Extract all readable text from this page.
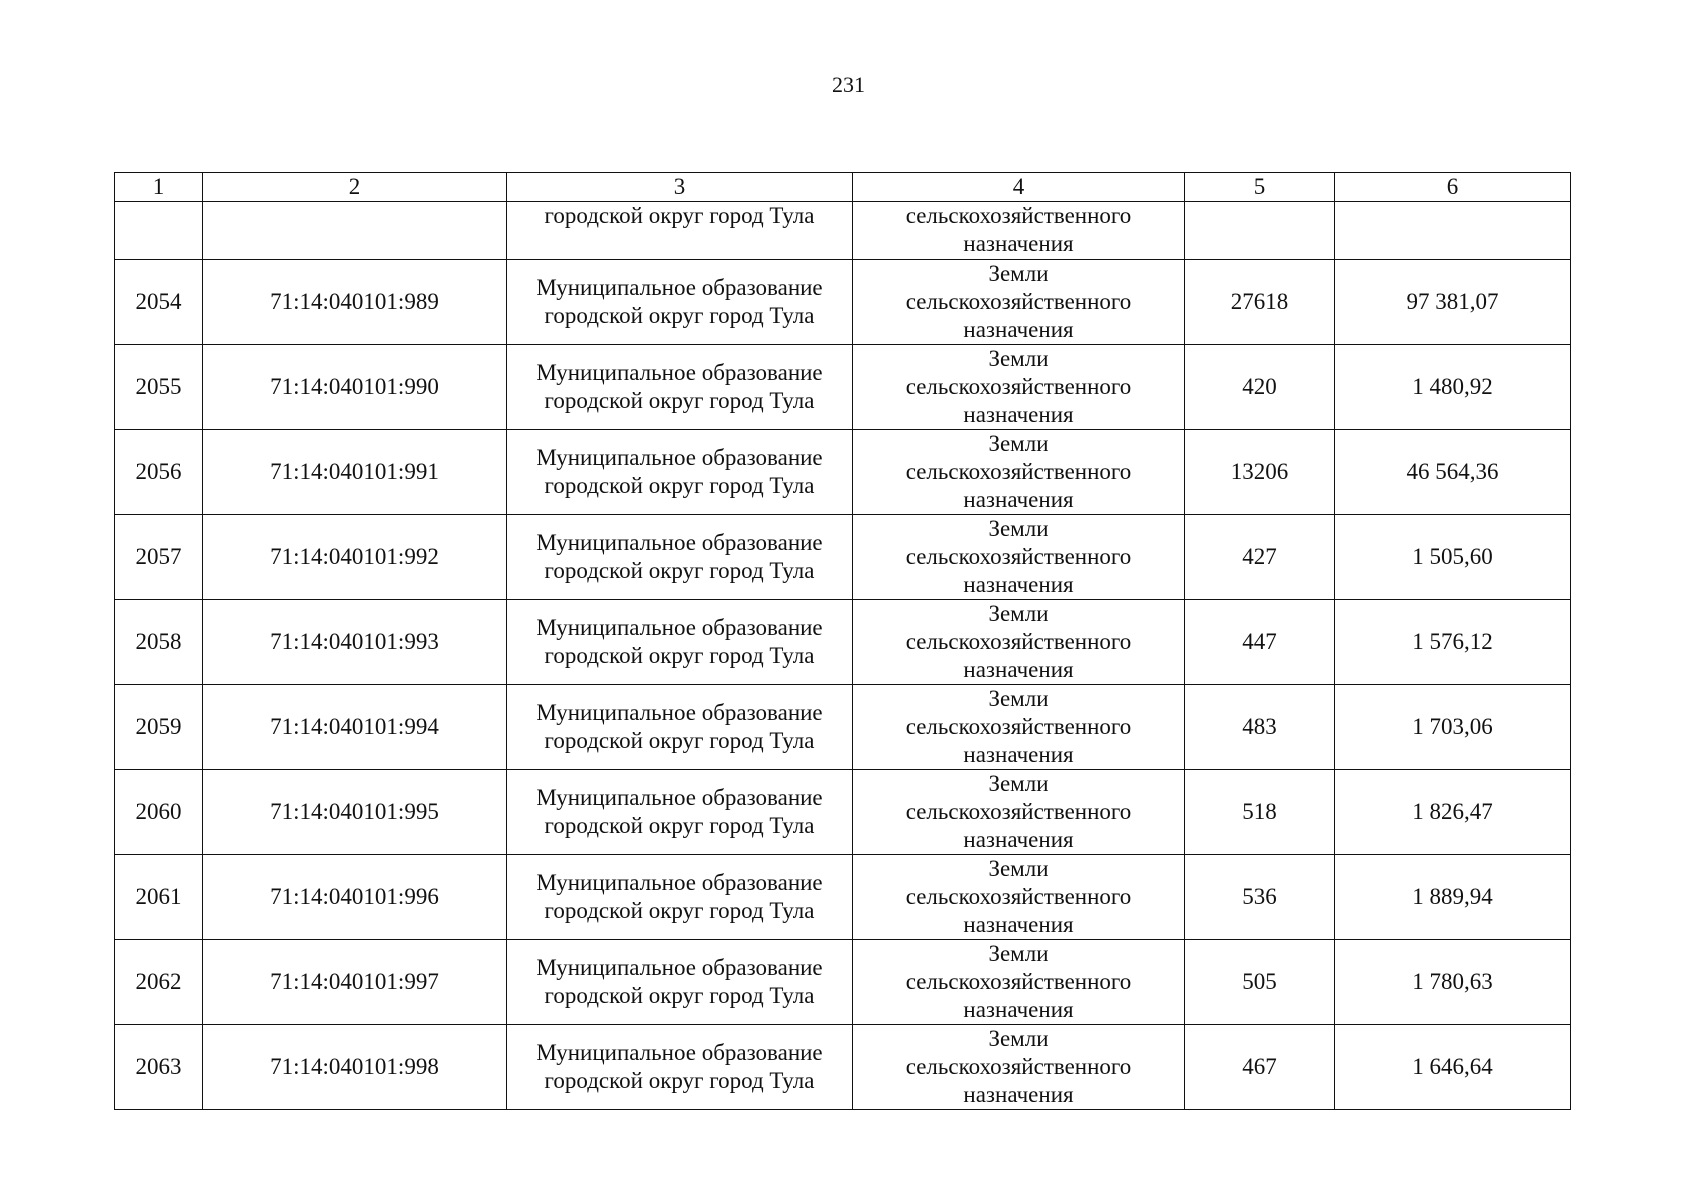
231
1	2	3	4	5	6
		городской округ город Тула	сельскохозяйственного
назначения		

2054	71:14:040101:989	Муниципальное образование
городской округ город Тула	Земли
сельскохозяйственного
назначения	27618	97 381,07
2055	71:14:040101:990	Муниципальное образование
городской округ город Тула	Земли
сельскохозяйственного
назначения	420	1 480,92
2056	71:14:040101:991	Муниципальное образование
городской округ город Тула	Земли
сельскохозяйственного
назначения	13206	46 564,36
2057	71:14:040101:992	Муниципальное образование
городской округ город Тула	Земли
сельскохозяйственного
назначения	427	1 505,60
2058	71:14:040101:993	Муниципальное образование
городской округ город Тула	Земли
сельскохозяйственного
назначения	447	1 576,12
2059	71:14:040101:994	Муниципальное образование
городской округ город Тула	Земли
сельскохозяйственного
назначения	483	1 703,06
2060	71:14:040101:995	Муниципальное образование
городской округ город Тула	Земли
сельскохозяйственного
назначения	518	1 826,47
2061	71:14:040101:996	Муниципальное образование
городской округ город Тула	Земли
сельскохозяйственного
назначения	536	1 889,94
2062	71:14:040101:997	Муниципальное образование
городской округ город Тула	Земли
сельскохозяйственного
назначения	505	1 780,63
2063	71:14:040101:998	Муниципальное образование
городской округ город Тула	Земли
сельскохозяйственного
назначения	467	1 646,64
